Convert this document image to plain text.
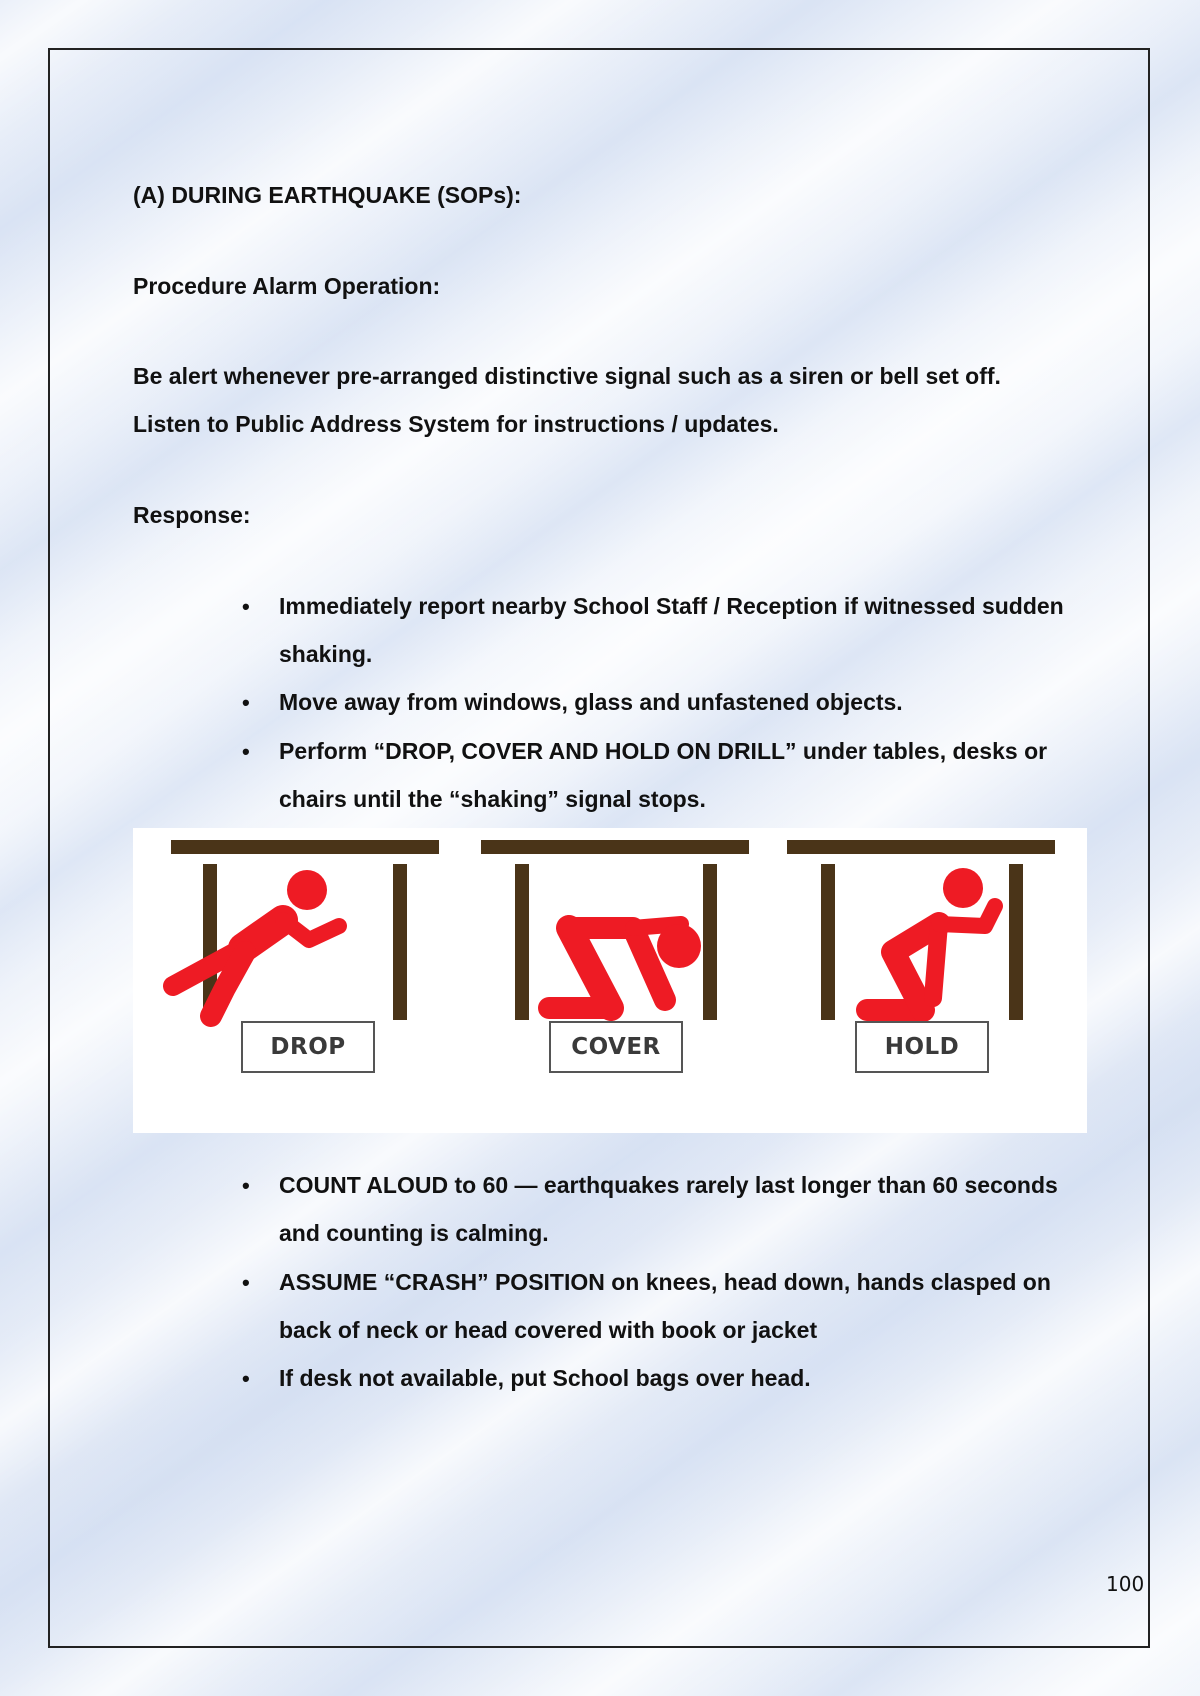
(A) DURING EARTHQUAKE (SOPs):

Procedure Alarm Operation:

Be alert whenever pre-arranged distinctive signal such as a siren or bell set off.

Listen to Public Address System for instructions / updates.

Response:

• Immediately report nearby School Staff / Reception if witnessed sudden

shaking.

• Move away from windows, glass and unfastened objects.

• Perform “DROP, COVER AND HOLD ON DRILL” under tables, desks or

chairs until the “shaking” signal stops.

DROP	COVER	HOLD
• COUNT ALOUD to 60 — earthquakes rarely last longer than 60 seconds

and counting is calming.

• ASSUME “CRASH” POSITION on knees, head down, hands clasped on

back of neck or head covered with book or jacket

• If desk not available, put School bags over head.

100
